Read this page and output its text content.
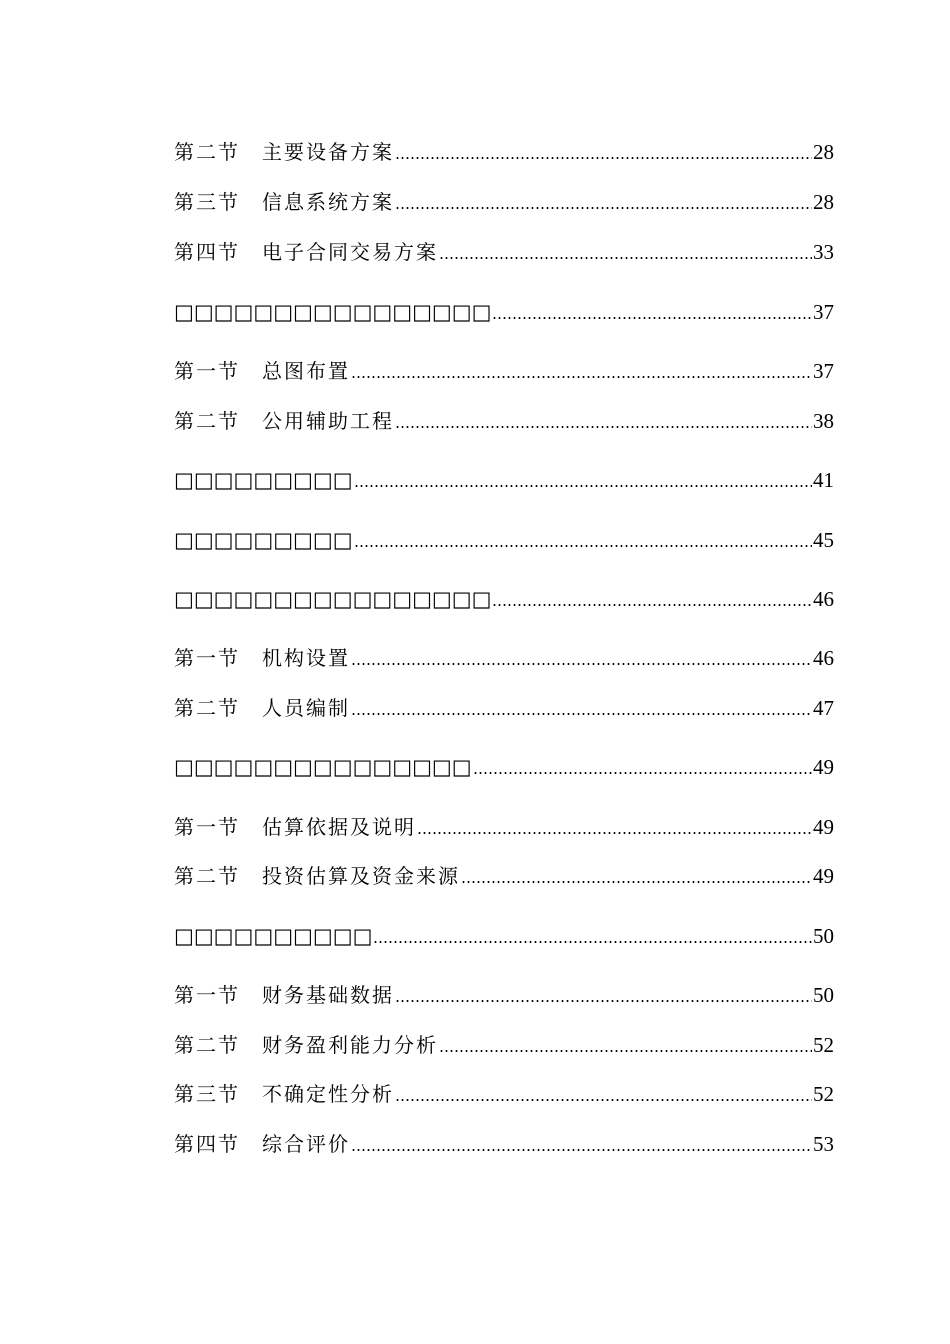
第二节 主要设备方案	28
第三节 信息系统方案	28
第四节 电子合同交易方案	33
□□□□□□□□□□□□□□□□	37
第一节 总图布置	37
第二节 公用辅助工程	38
□□□□□□□□□	41
□□□□□□□□□	45
□□□□□□□□□□□□□□□□	46
第一节 机构设置	46
第二节 人员编制	47
□□□□□□□□□□□□□□□	49
第一节 估算依据及说明	49
第二节 投资估算及资金来源	49
□□□□□□□□□□	50
第一节 财务基础数据	50
第二节 财务盈利能力分析	52
第三节 不确定性分析	52
第四节 综合评价	53
